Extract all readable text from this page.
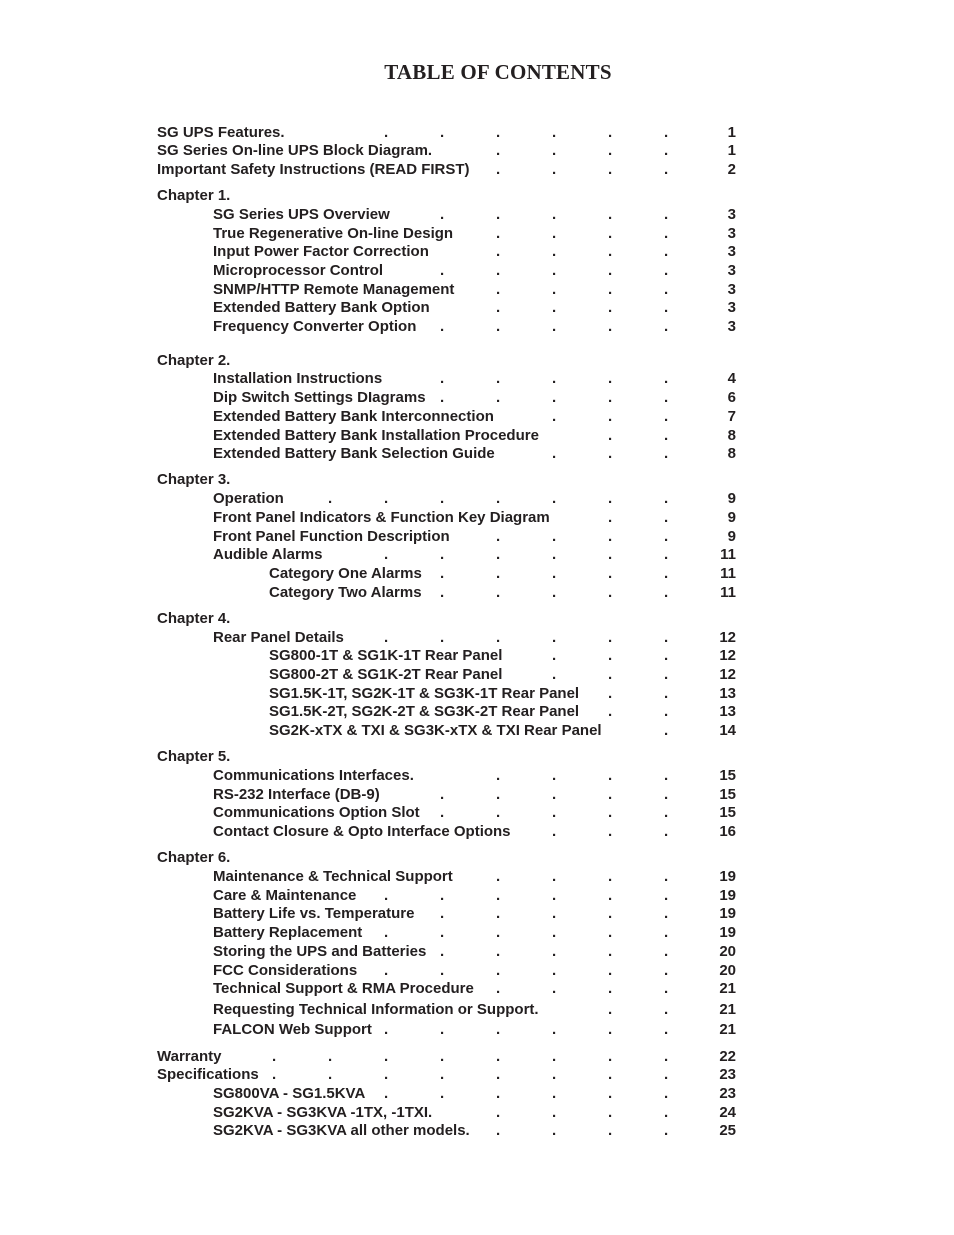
TABLE OF CONTENTS
SG UPS Features.	.	.	.	.	.	.	1
SG Series On-line UPS Block Diagram.	.	.	.	.	1
Important Safety Instructions (READ FIRST) .	.	.	.	2
Chapter 1.
SG Series UPS Overview	.	.	.	.	.	3
True Regenerative On-line Design	.	.	.	.	3
Input Power Factor Correction	.	.	.	.	3
Microprocessor Control	.	.	.	.	.	3
SNMP/HTTP Remote Management	.	.	.	.	3
Extended Battery Bank Option	.	.	.	.	3
Frequency Converter Option .	.	.	.	.	3
Chapter 2.
Installation Instructions	.	.	.	.	.	4
Dip Switch Settings DIagrams .	.	.	.	.	6
Extended Battery Bank Interconnection	.	.	.	7
Extended Battery Bank Installation Procedure	.	.	8
Extended Battery Bank Selection Guide	.	.	.	8
Chapter 3.
Operation	.	.	.	.	.	.	.	9
Front Panel Indicators & Function Key Diagram	.	.	9
Front Panel Function Description	.	.	.	.	9
Audible Alarms	.	.	.	.	.	.	11
Category One Alarms .	.	.	.	.	11
Category Two Alarms .	.	.	.	.	11
Chapter 4.
Rear Panel Details	.	.	.	.	.	.	12
SG800-1T & SG1K-1T Rear Panel	.	.	.	12
SG800-2T & SG1K-2T Rear Panel	.	.	.	12
SG1.5K-1T, SG2K-1T & SG3K-1T Rear Panel .	.	13
SG1.5K-2T, SG2K-2T & SG3K-2T Rear Panel .	.	13
SG2K-xTX & TXI & SG3K-xTX & TXI Rear Panel	.	14
Chapter 5.
Communications Interfaces.	.	.	.	.	15
RS-232 Interface (DB-9)	.	.	.	.	.	15
Communications Option Slot .	.	.	.	.	15
Contact Closure & Opto Interface Options	.	.	.	16
Chapter 6.
Maintenance & Technical Support	.	.	.	.	19
Care & Maintenance .	.	.	.	.	.	19
Battery Life vs. Temperature .	.	.	.	.	19
Battery Replacement .	.	.	.	.	.	19
Storing the UPS and Batteries .	.	.	.	.	20
FCC Considerations .	.	.	.	.	.	20
Technical Support & RMA Procedure .	.	.	.	21
Requesting Technical Information or Support.	.	.	21
FALCON Web Support .	.	.	.	.	.	21
Warranty	.	.	.	.	.	.	.	.	22
Specifications .	.	.	.	.	.	.	.	23
SG800VA - SG1.5KVA .	.	.	.	.	.	23
SG2KVA - SG3KVA -1TX, -1TXI.	.	.	.	.	24
SG2KVA - SG3KVA all other models. .	.	.	.	25
